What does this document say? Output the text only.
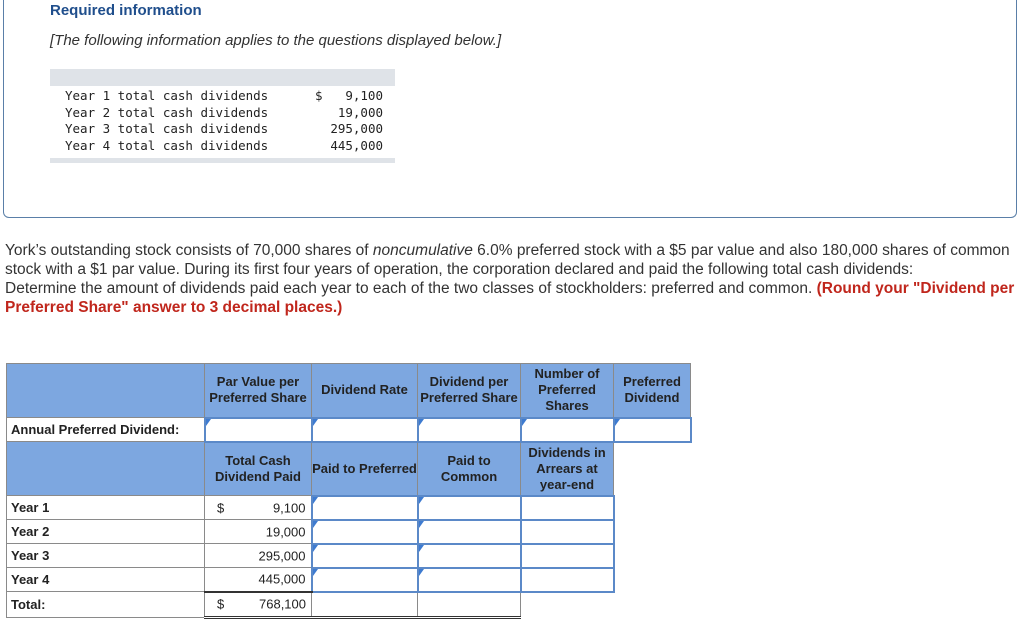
Required information
[The following information applies to the questions displayed below.]
Year 1 total cash dividends	$ 9,100
Year 2 total cash dividends	19,000
Year 3 total cash dividends	295,000
Year 4 total cash dividends	445,000
York’s outstanding stock consists of 70,000 shares of noncumulative 6.0% preferred stock with a $5 par value and also 180,000 shares of common stock with a $1 par value. During its first four years of operation, the corporation declared and paid the following total cash dividends:
Determine the amount of dividends paid each year to each of the two classes of stockholders: preferred and common. (Round your "Dividend per Preferred Share" answer to 3 decimal places.)
	Par Value per Preferred Share	Dividend Rate	Dividend per Preferred Share	Number of Preferred Shares	Preferred Dividend
Annual Preferred Dividend:					
	Total Cash Dividend Paid	Paid to Preferred	Paid to Common	Dividends in Arrears at year-end	
Year 1	$ 9,100				

Year 2	19,000				

Year 3	295,000				

Year 4	445,000				

Total:	$ 768,100				
